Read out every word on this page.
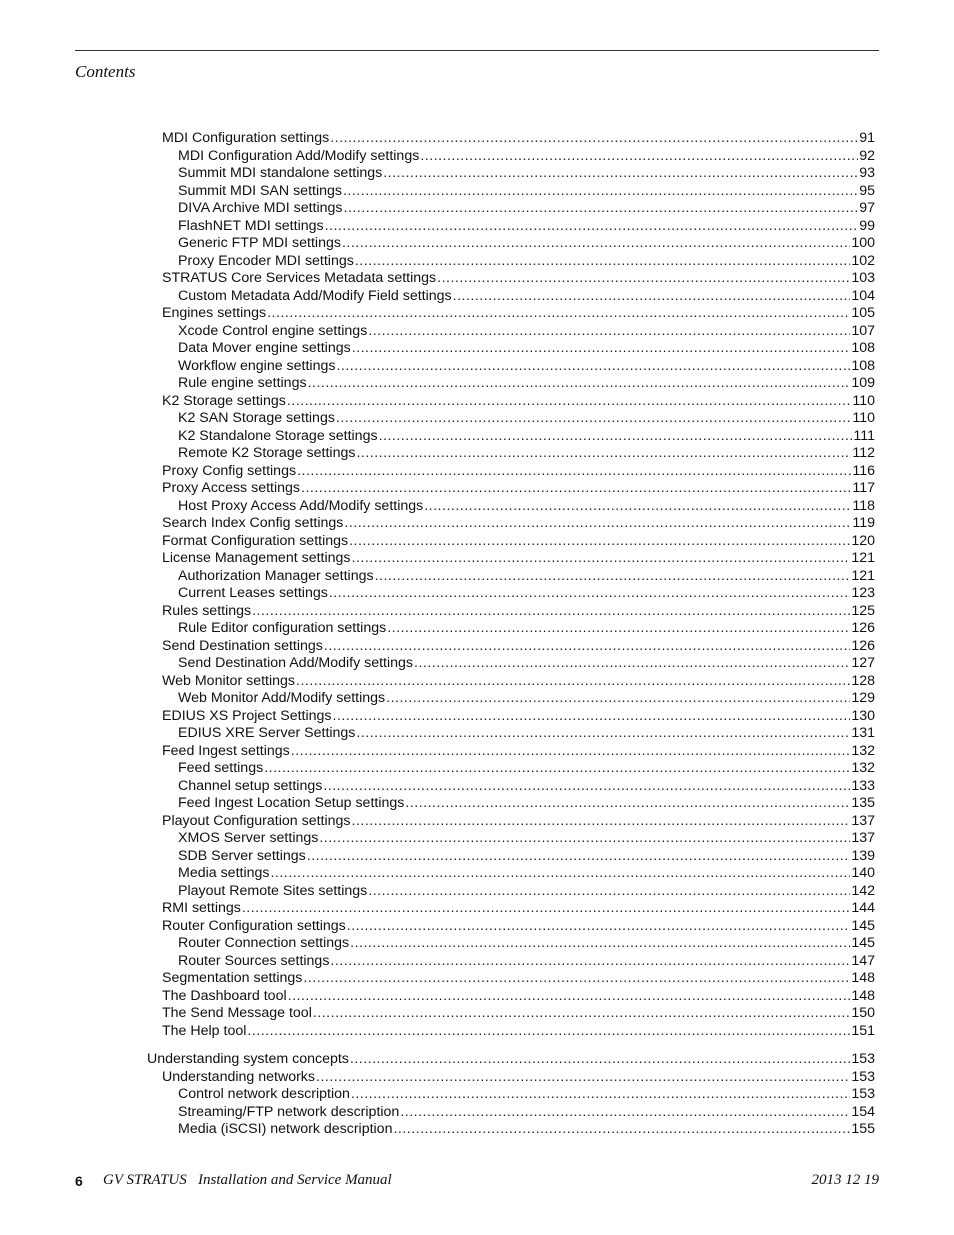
Contents
MDI Configuration settings .....	91
MDI Configuration Add/Modify settings .....	92
Summit MDI standalone settings .....	93
Summit MDI SAN settings .....	95
DIVA Archive MDI settings .....	97
FlashNET MDI settings .....	99
Generic FTP MDI settings .....	100
Proxy Encoder MDI settings .....	102
STRATUS Core Services Metadata settings .....	103
Custom Metadata Add/Modify Field settings .....	104
Engines settings .....	105
Xcode Control engine settings .....	107
Data Mover engine settings .....	108
Workflow engine settings .....	108
Rule engine settings .....	109
K2 Storage settings .....	110
K2 SAN Storage settings .....	110
K2 Standalone Storage settings .....	111
Remote K2 Storage settings .....	112
Proxy Config settings .....	116
Proxy Access settings .....	117
Host Proxy Access Add/Modify settings .....	118
Search Index Config settings .....	119
Format Configuration settings .....	120
License Management settings .....	121
Authorization Manager settings .....	121
Current Leases settings .....	123
Rules settings .....	125
Rule Editor configuration settings .....	126
Send Destination settings .....	126
Send Destination Add/Modify settings .....	127
Web Monitor settings .....	128
Web Monitor Add/Modify settings .....	129
EDIUS XS Project Settings .....	130
EDIUS XRE Server Settings .....	131
Feed Ingest settings .....	132
Feed settings .....	132
Channel setup settings .....	133
Feed Ingest Location Setup settings .....	135
Playout Configuration settings .....	137
XMOS Server settings .....	137
SDB Server settings .....	139
Media settings .....	140
Playout Remote Sites settings .....	142
RMI settings .....	144
Router Configuration settings .....	145
Router Connection settings .....	145
Router Sources settings .....	147
Segmentation settings .....	148
The Dashboard tool .....	148
The Send Message tool .....	150
The Help tool .....	151
Understanding system concepts .....	153
Understanding networks .....	153
Control network description .....	153
Streaming/FTP network description .....	154
Media (iSCSI) network description .....	155
6 GV STRATUS   Installation and Service Manual	2013 12 19
